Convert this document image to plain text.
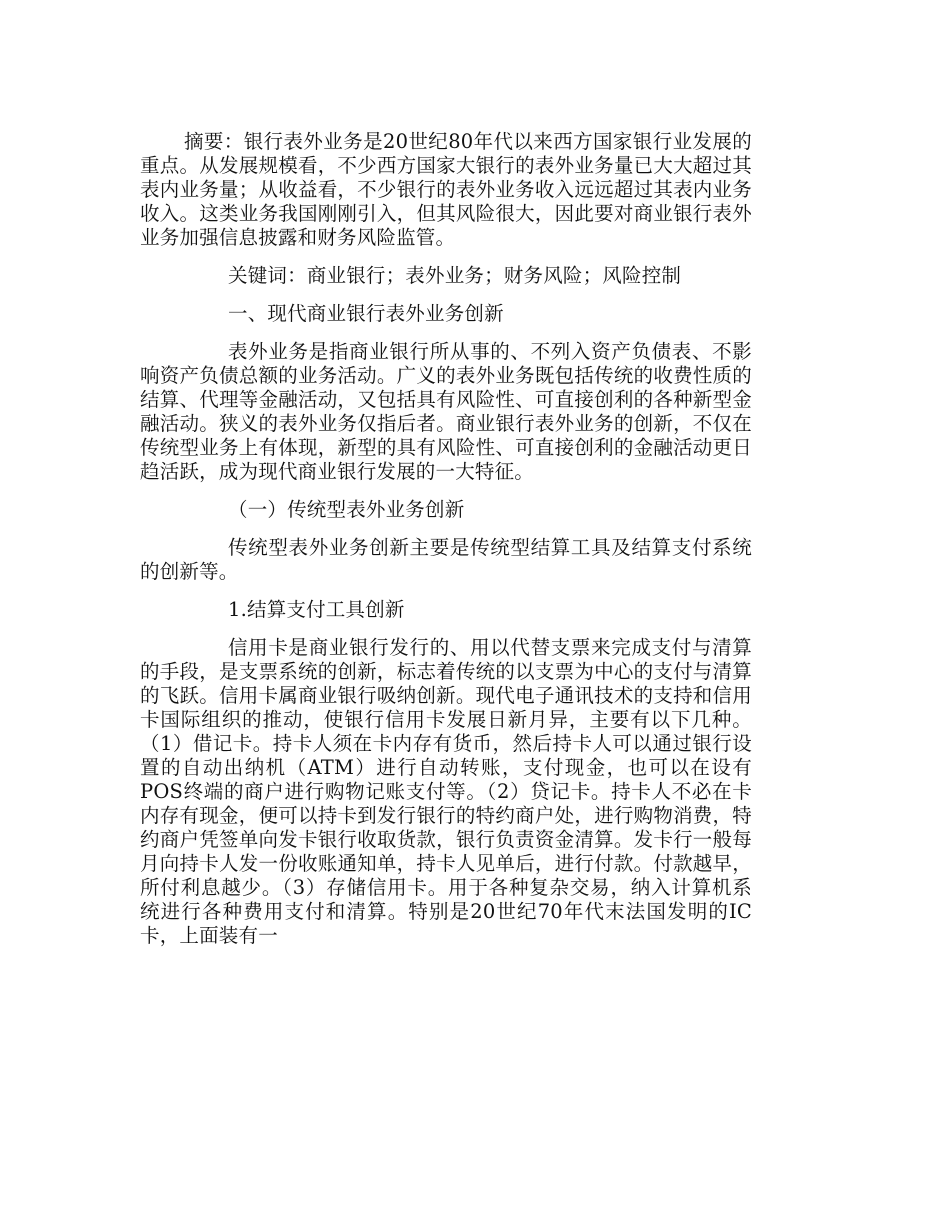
摘要：银行表外业务是20世纪80年代以来西方国家银行业发展的重点。从发展规模看，不少西方国家大银行的表外业务量已大大超过其表内业务量；从收益看，不少银行的表外业务收入远远超过其表内业务收入。这类业务我国刚刚引入，但其风险很大，因此要对商业银行表外业务加强信息披露和财务风险监管。

关键词：商业银行；表外业务；财务风险；风险控制

一、现代商业银行表外业务创新

表外业务是指商业银行所从事的、不列入资产负债表、不影响资产负债总额的业务活动。广义的表外业务既包括传统的收费性质的结算、代理等金融活动，又包括具有风险性、可直接创利的各种新型金融活动。狭义的表外业务仅指后者。商业银行表外业务的创新，不仅在传统型业务上有体现，新型的具有风险性、可直接创利的金融活动更日趋活跃，成为现代商业银行发展的一大特征。

（一）传统型表外业务创新

传统型表外业务创新主要是传统型结算工具及结算支付系统的创新等。

1.结算支付工具创新

信用卡是商业银行发行的、用以代替支票来完成支付与清算的手段，是支票系统的创新，标志着传统的以支票为中心的支付与清算的飞跃。信用卡属商业银行吸纳创新。现代电子通讯技术的支持和信用卡国际组织的推动，使银行信用卡发展日新月异，主要有以下几种。（1）借记卡。持卡人须在卡内存有货币，然后持卡人可以通过银行设置的自动出纳机（ATM）进行自动转账，支付现金，也可以在设有POS终端的商户进行购物记账支付等。（2）贷记卡。持卡人不必在卡内存有现金，便可以持卡到发行银行的特约商户处，进行购物消费，特约商户凭签单向发卡银行收取货款，银行负责资金清算。发卡行一般每月向持卡人发一份收账通知单，持卡人见单后，进行付款。付款越早，所付利息越少。（3）存储信用卡。用于各种复杂交易，纳入计算机系统进行各种费用支付和清算。特别是20世纪70年代末法国发明的IC卡，上面装有一
